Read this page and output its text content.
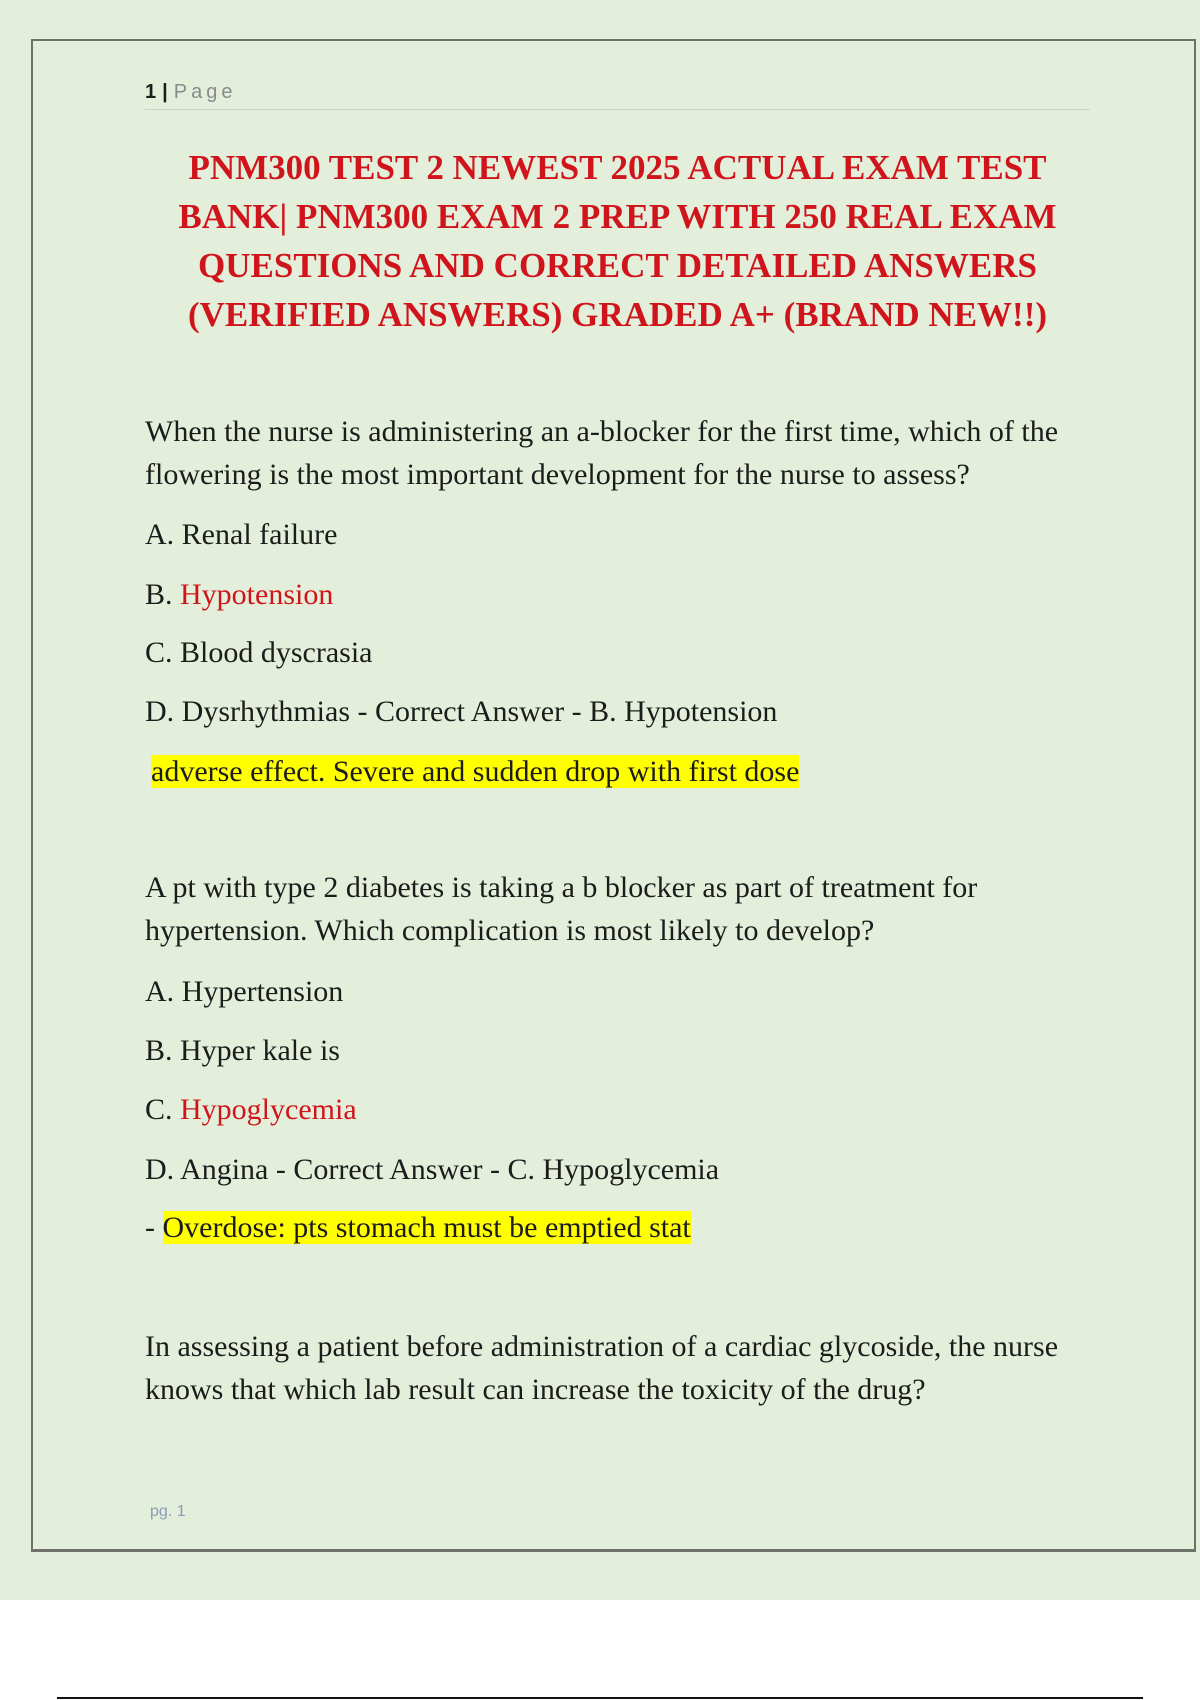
1 | Page
PNM300 TEST 2 NEWEST 2025 ACTUAL EXAM TEST BANK| PNM300 EXAM 2 PREP WITH 250 REAL EXAM QUESTIONS AND CORRECT DETAILED ANSWERS (VERIFIED ANSWERS) GRADED A+ (BRAND NEW!!)
When the nurse is administering an a-blocker for the first time, which of the flowering is the most important development for the nurse to assess?
A. Renal failure
B. Hypotension
C. Blood dyscrasia
D. Dysrhythmias - Correct Answer - B. Hypotension
adverse effect. Severe and sudden drop with first dose
A pt with type 2 diabetes is taking a b blocker as part of treatment for hypertension. Which complication is most likely to develop?
A. Hypertension
B. Hyper kale is
C. Hypoglycemia
D. Angina - Correct Answer - C. Hypoglycemia
- Overdose: pts stomach must be emptied stat
In assessing a patient before administration of a cardiac glycoside, the nurse knows that which lab result can increase the toxicity of the drug?
pg. 1
